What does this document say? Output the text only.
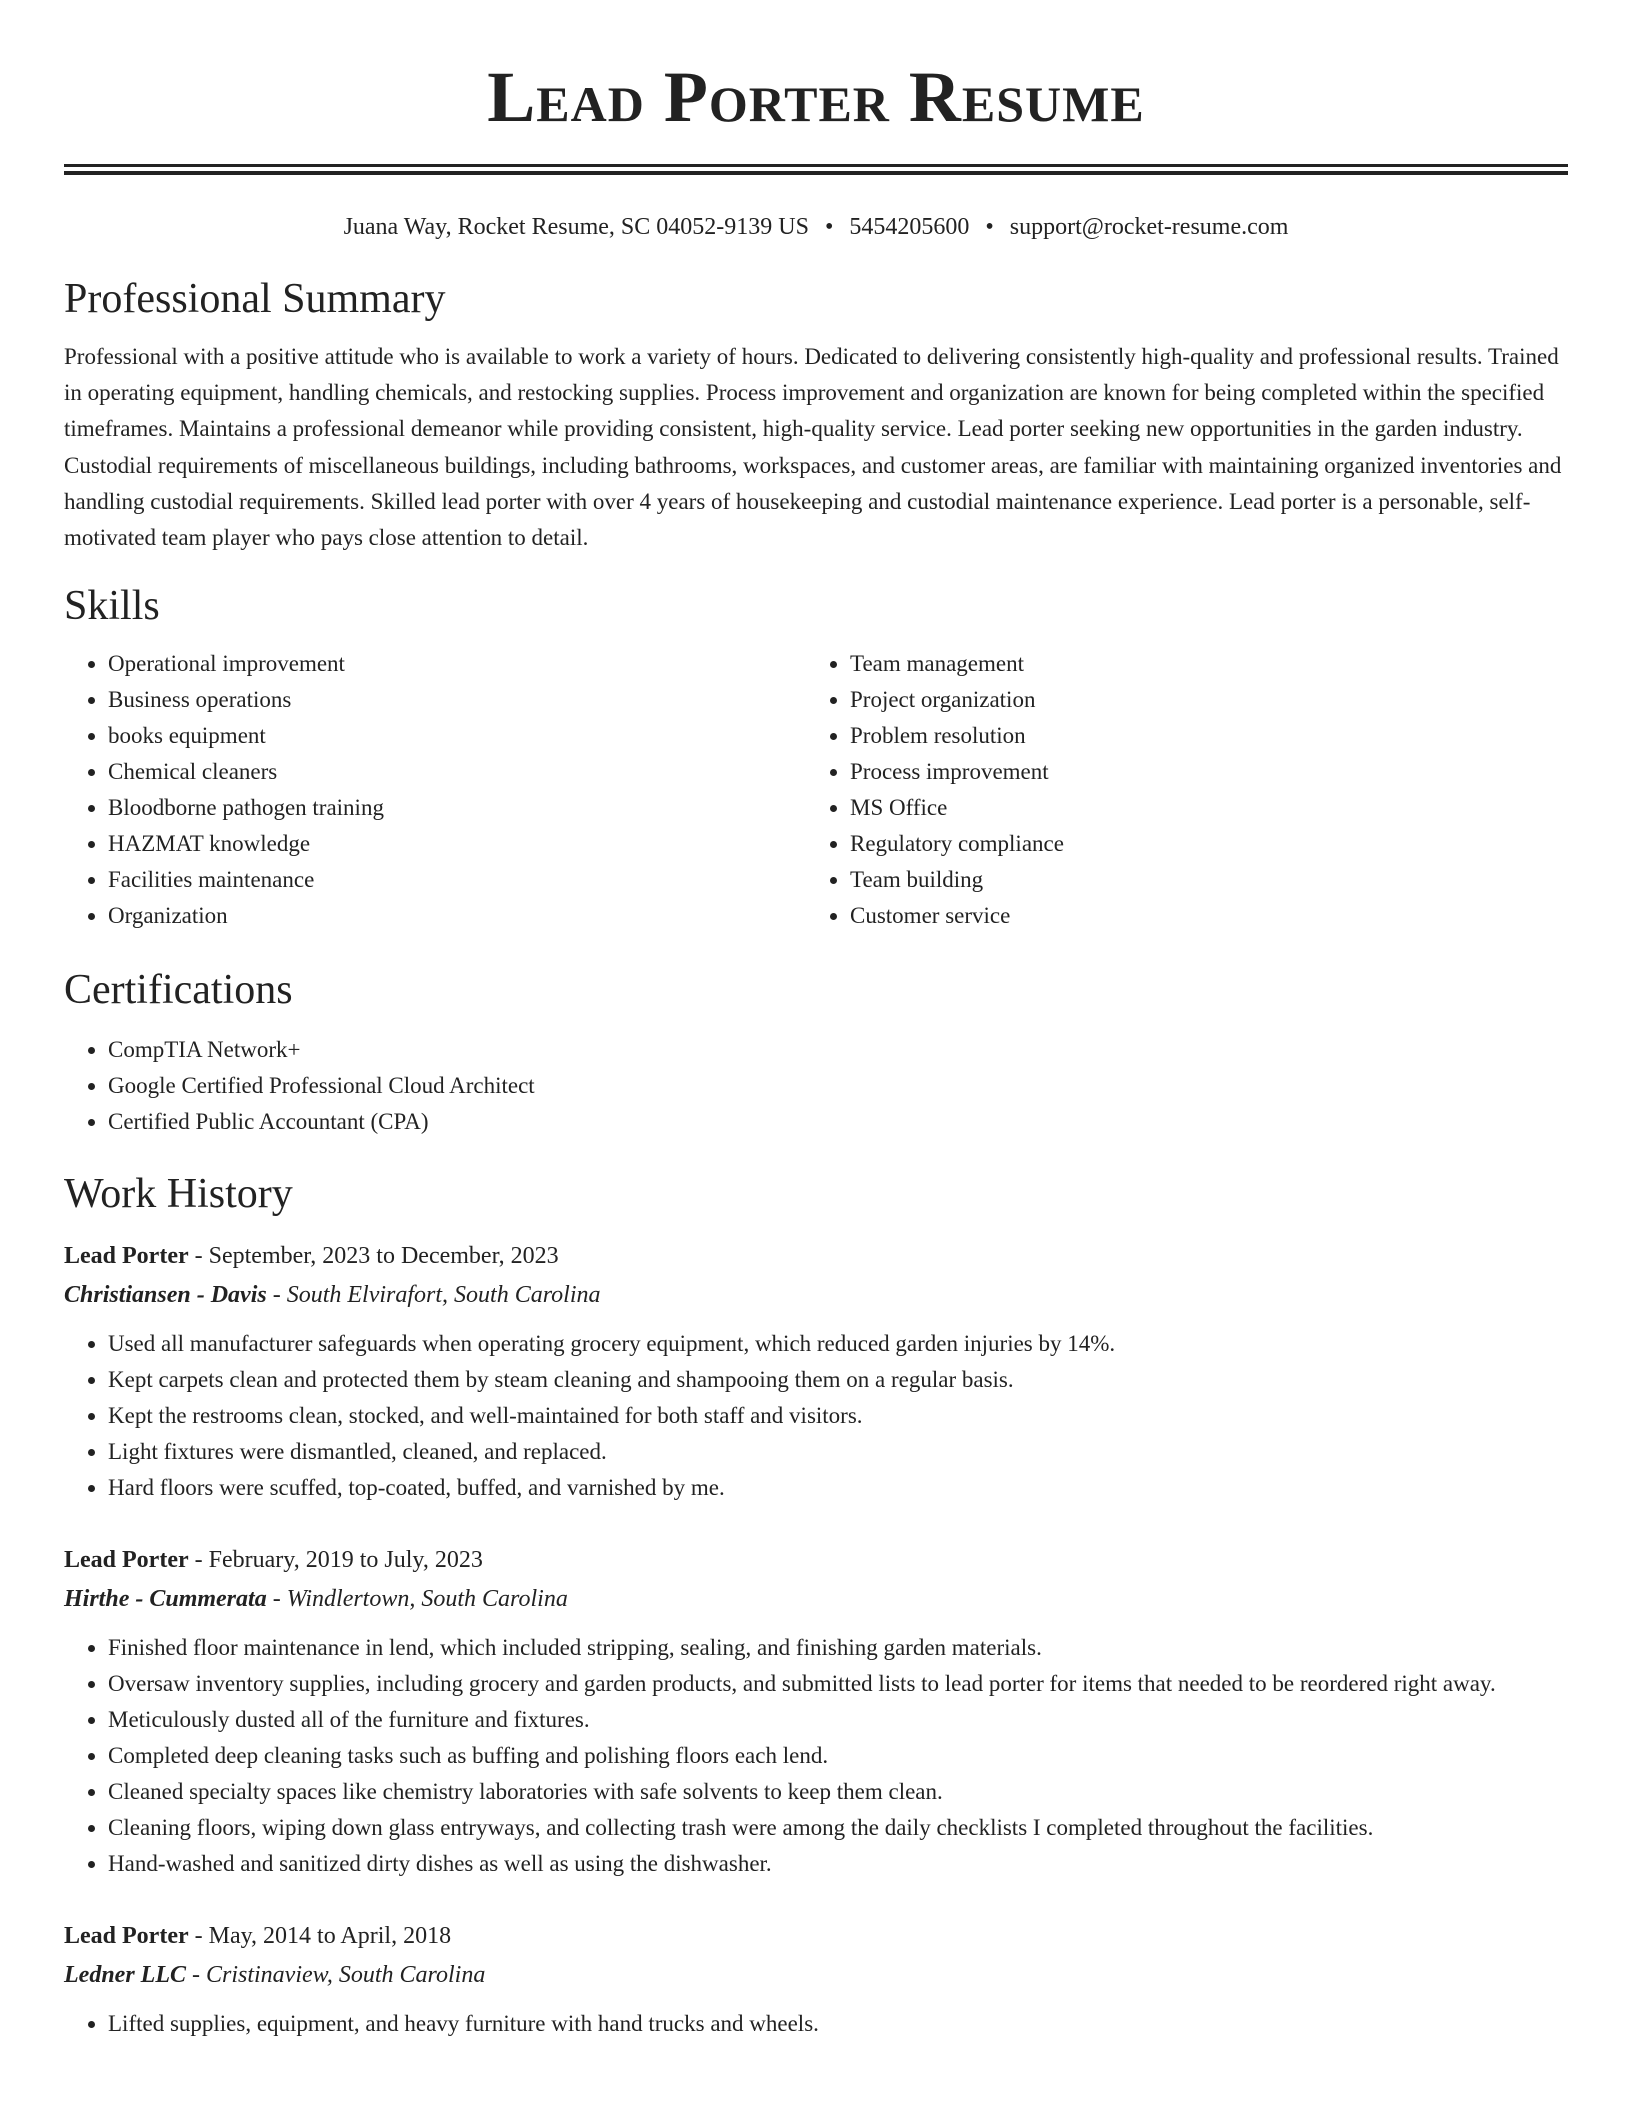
Lead Porter Resume
Juana Way, Rocket Resume, SC 04052-9139 US • 5454205600 • support@rocket-resume.com
Professional Summary

Professional with a positive attitude who is available to work a variety of hours. Dedicated to delivering consistently high-quality and professional results. Trained in operating equipment, handling chemicals, and restocking supplies. Process improvement and organization are known for being completed within the specified timeframes. Maintains a professional demeanor while providing consistent, high-quality service. Lead porter seeking new opportunities in the garden industry. Custodial requirements of miscellaneous buildings, including bathrooms, workspaces, and customer areas, are familiar with maintaining organized inventories and handling custodial requirements. Skilled lead porter with over 4 years of housekeeping and custodial maintenance experience. Lead porter is a personable, self-motivated team player who pays close attention to detail.

Skills
• Operational improvement
• Business operations
• books equipment
• Chemical cleaners
• Bloodborne pathogen training
• HAZMAT knowledge
• Facilities maintenance
• Organization
• Team management
• Project organization
• Problem resolution
• Process improvement
• MS Office
• Regulatory compliance
• Team building
• Customer service
Certifications
• CompTIA Network+
• Google Certified Professional Cloud Architect
• Certified Public Accountant (CPA)
Work History

Lead Porter - September, 2023 to December, 2023

Christiansen - Davis - South Elvirafort, South Carolina

• Used all manufacturer safeguards when operating grocery equipment, which reduced garden injuries by 14%.
• Kept carpets clean and protected them by steam cleaning and shampooing them on a regular basis.
• Kept the restrooms clean, stocked, and well-maintained for both staff and visitors.
• Light fixtures were dismantled, cleaned, and replaced.
• Hard floors were scuffed, top-coated, buffed, and varnished by me.

Lead Porter - February, 2019 to July, 2023

Hirthe - Cummerata - Windlertown, South Carolina

• Finished floor maintenance in lend, which included stripping, sealing, and finishing garden materials.
• Oversaw inventory supplies, including grocery and garden products, and submitted lists to lead porter for items that needed to be reordered right away.
• Meticulously dusted all of the furniture and fixtures.
• Completed deep cleaning tasks such as buffing and polishing floors each lend.
• Cleaned specialty spaces like chemistry laboratories with safe solvents to keep them clean.
• Cleaning floors, wiping down glass entryways, and collecting trash were among the daily checklists I completed throughout the facilities.
• Hand-washed and sanitized dirty dishes as well as using the dishwasher.

Lead Porter - May, 2014 to April, 2018

Ledner LLC - Cristinaview, South Carolina

• Lifted supplies, equipment, and heavy furniture with hand trucks and wheels.
